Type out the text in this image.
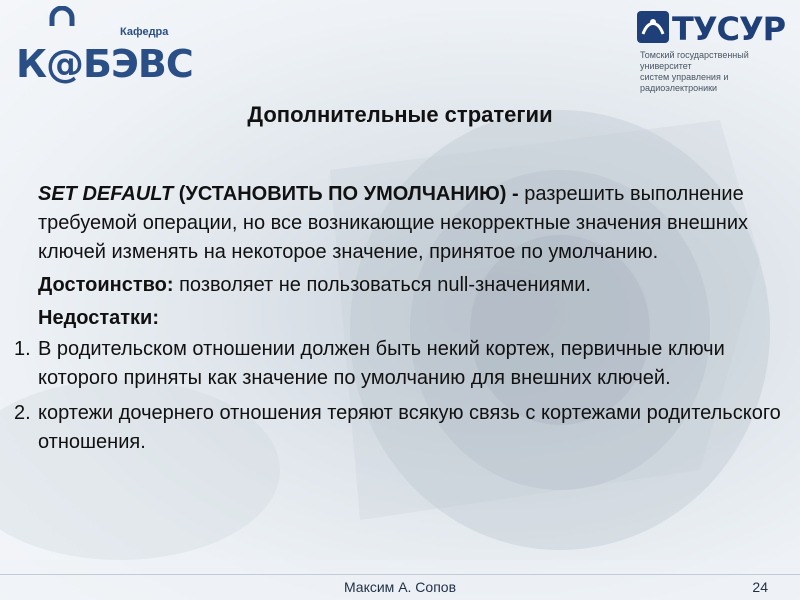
Кафедра
К@БЭВС
ТУСУР
Томский государственный университет
систем управления и радиоэлектроники
Дополнительные стратегии

SET DEFAULT (УСТАНОВИТЬ ПО УМОЛЧАНИЮ) - разрешить выполнение требуемой операции, но все возникающие некорректные значения внешних ключей изменять на некоторое значение, принятое по умолчанию.

Достоинство: позволяет не пользоваться null-значениями.

Недостатки:

1. В родительском отношении должен быть некий кортеж, первичные ключи которого приняты как значение по умолчанию для внешних ключей.
2. кортежи дочернего отношения теряют всякую связь с кортежами родительского отношения.
Максим А. Сопов	24
